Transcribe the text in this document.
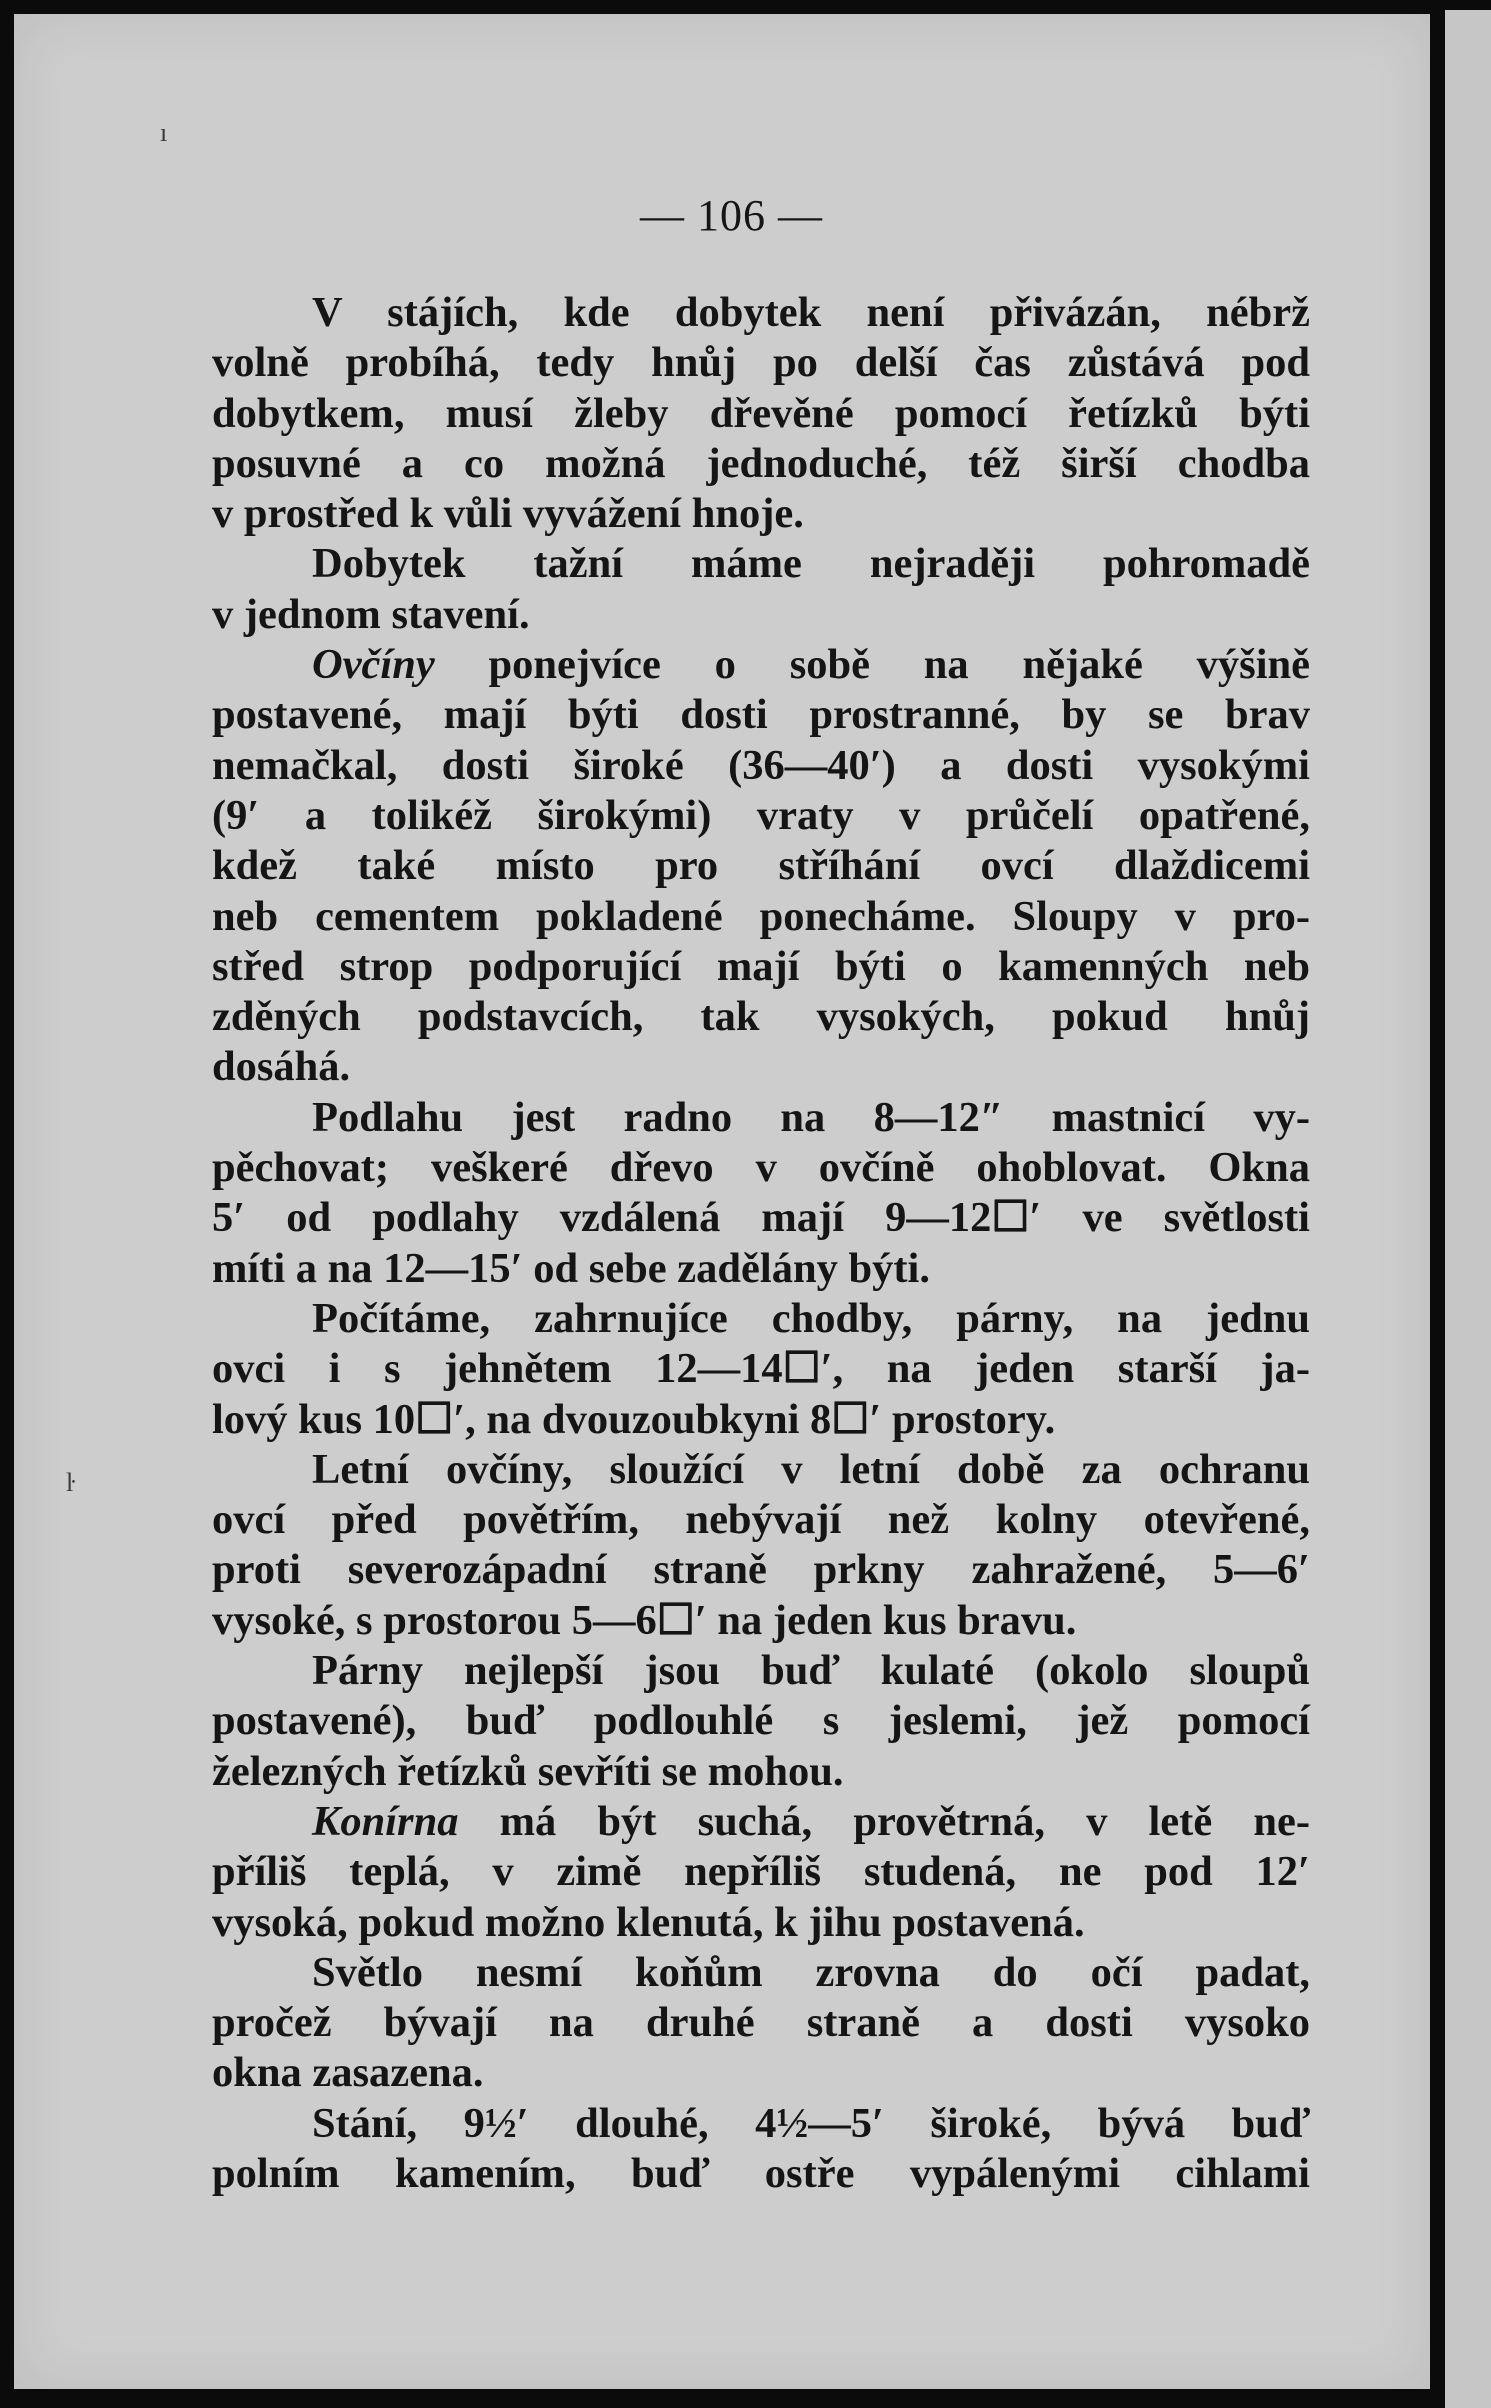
ı
ŀ
— 106 —
V stájích, kde dobytek není přivázán, nébrž
volně probíhá, tedy hnůj po delší čas zůstává pod
dobytkem, musí žleby dřevěné pomocí řetízků býti
posuvné a co možná jednoduché, též širší chodba
v prostřed k vůli vyvážení hnoje.
Dobytek tažní máme nejraději pohromadě
v jednom stavení.
Ovčíny ponejvíce o sobě na nějaké výšině
postavené, mají býti dosti prostranné, by se brav
nemačkal, dosti široké (36—40′) a dosti vysokými
(9′ a tolikéž širokými) vraty v průčelí opatřené,
kdež také místo pro stříhání ovcí dlaždicemi
neb cementem pokladené ponecháme. Sloupy v pro-
střed strop podporující mají býti o kamenných neb
zděných podstavcích, tak vysokých, pokud hnůj
dosáhá.
Podlahu jest radno na 8—12″ mastnicí vy-
pěchovat; veškeré dřevo v ovčíně ohoblovat. Okna
5′ od podlahy vzdálená mají 9—12☐′ ve světlosti
míti a na 12—15′ od sebe zadělány býti.
Počítáme, zahrnujíce chodby, párny, na jednu
ovci i s jehnětem 12—14☐′, na jeden starší ja-
lový kus 10☐′, na dvouzoubkyni 8☐′ prostory.
Letní ovčíny, sloužící v letní době za ochranu
ovcí před povětřím, nebývají než kolny otevřené,
proti severozápadní straně prkny zahražené, 5—6′
vysoké, s prostorou 5—6☐′ na jeden kus bravu.
Párny nejlepší jsou buď kulaté (okolo sloupů
postavené), buď podlouhlé s jeslemi, jež pomocí
železných řetízků sevříti se mohou.
Konírna má být suchá, provětrná, v letě ne-
příliš teplá, v zimě nepříliš studená, ne pod 12′
vysoká, pokud možno klenutá, k jihu postavená.
Světlo nesmí koňům zrovna do očí padat,
pročež bývají na druhé straně a dosti vysoko
okna zasazena.
Stání, 9½′ dlouhé, 4½—5′ široké, bývá buď
polním kamením, buď ostře vypálenými cihlami
